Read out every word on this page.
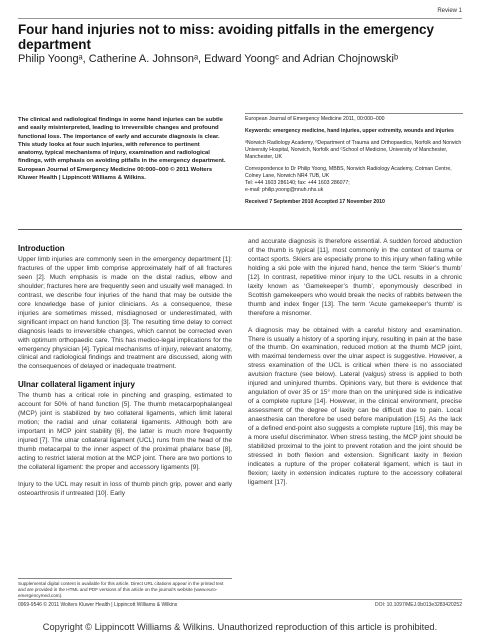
Review 1
Four hand injuries not to miss: avoiding pitfalls in the emergency department
Philip Yoongᵃ, Catherine A. Johnsonᵃ, Edward Yoongᶜ and Adrian Chojnowskiᵇ
The clinical and radiological findings in some hand injuries can be subtle and easily misinterpreted, leading to irreversible changes and profound functional loss. The importance of early and accurate diagnosis is clear. This study looks at four such injuries, with reference to pertinent anatomy, typical mechanisms of injury, examination and radiological findings, with emphasis on avoiding pitfalls in the emergency department. European Journal of Emergency Medicine 00:000–000 © 2011 Wolters Kluwer Health | Lippincott Williams & Wilkins.

European Journal of Emergency Medicine 2011, 00:000–000

Keywords: emergency medicine, hand injuries, upper extremity, wounds and injuries

ᵃNorwich Radiology Academy, ᵇDepartment of Trauma and Orthopaedics, Norfolk and Norwich University Hospital, Norwich, Norfolk and ᶜSchool of Medicine, University of Manchester, Manchester, UK

Correspondence to Dr Philip Yoong, MBBS, Norwich Radiology Academy, Cotman Centre, Colney Lane, Norwich NR4 7UB, UK
Tel: +44 1603 286140; fax: +44 1603 286077;
e-mail: philip.yoong@nnuh.nhs.uk

Received 7 September 2010 Accepted 17 November 2010

Introduction

Upper limb injuries are commonly seen in the emergency department [1]: fractures of the upper limb comprise approximately half of all fractures seen [2]. Much emphasis is made on the distal radius, elbow and shoulder; fractures here are frequently seen and usually well managed. In contrast, we describe four injuries of the hand that may be outside the core knowledge base of junior clinicians. As a consequence, these injuries are sometimes missed, misdiagnosed or underestimated, with significant impact on hand function [3]. The resulting time delay to correct diagnosis leads to irreversible changes, which cannot be corrected even with optimum orthopaedic care. This has medico-legal implications for the emergency physician [4]. Typical mechanisms of injury, relevant anatomy, clinical and radiological findings and treatment are discussed, along with the consequences of delayed or inadequate treatment.

Ulnar collateral ligament injury

The thumb has a critical role in pinching and grasping, estimated to account for 50% of hand function [5]. The thumb metacarpophalangeal (MCP) joint is stabilized by two collateral ligaments, which limit lateral motion; the radial and ulnar collateral ligaments. Although both are important in MCP joint stability [6], the latter is much more frequently injured [7]. The ulnar collateral ligament (UCL) runs from the head of the thumb metacarpal to the inner aspect of the proximal phalanx base [8], acting to restrict lateral motion at the MCP joint. There are two portions to the collateral ligament: the proper and accessory ligaments [9].

Injury to the UCL may result in loss of thumb pinch grip, power and early osteoarthrosis if untreated [10]. Early

and accurate diagnosis is therefore essential. A sudden forced abduction of the thumb is typical [11], most commonly in the context of trauma or contact sports. Skiers are especially prone to this injury when falling while holding a ski pole with the injured hand, hence the term ‘Skier’s thumb’ [12]. In contrast, repetitive minor injury to the UCL results in a chronic laxity known as ‘Gamekeeper’s thumb’, eponymously described in Scottish gamekeepers who would break the necks of rabbits between the thumb and index finger [13]. The term ‘Acute gamekeeper’s thumb’ is therefore a misnomer.

A diagnosis may be obtained with a careful history and examination. There is usually a history of a sporting injury, resulting in pain at the base of the thumb. On examination, reduced motion at the thumb MCP joint, with maximal tenderness over the ulnar aspect is suggestive. However, a stress examination of the UCL is critical when there is no associated avulsion fracture (see below). Lateral (valgus) stress is applied to both injured and uninjured thumbs. Opinions vary, but there is evidence that angulation of over 35 or 15° more than on the uninjured side is indicative of a complete rupture [14]. However, in the clinical environment, precise assessment of the degree of laxity can be difficult due to pain. Local anaesthesia can therefore be used before manipulation [15]. As the lack of a defined end-point also suggests a complete rupture [16], this may be a more useful discriminator. When stress testing, the MCP joint should be stabilized proximal to the joint to prevent rotation and the joint should be stressed in both flexion and extension. Significant laxity in flexion indicates a rupture of the proper collateral ligament, which is taut in flexion; laxity in extension indicates rupture to the accessory collateral ligament [17].

Supplemental digital content is available for this article. Direct URL citations appear in the printed text and are provided in the HTML and PDF versions of this article on the journal’s website (www.euro-emergencymed.com).
0969-9546 © 2011 Wolters Kluwer Health | Lippincott Williams & Wilkins	DOI: 10.1097/MEJ.0b013e3283420252
Copyright © Lippincott Williams & Wilkins. Unauthorized reproduction of this article is prohibited.
